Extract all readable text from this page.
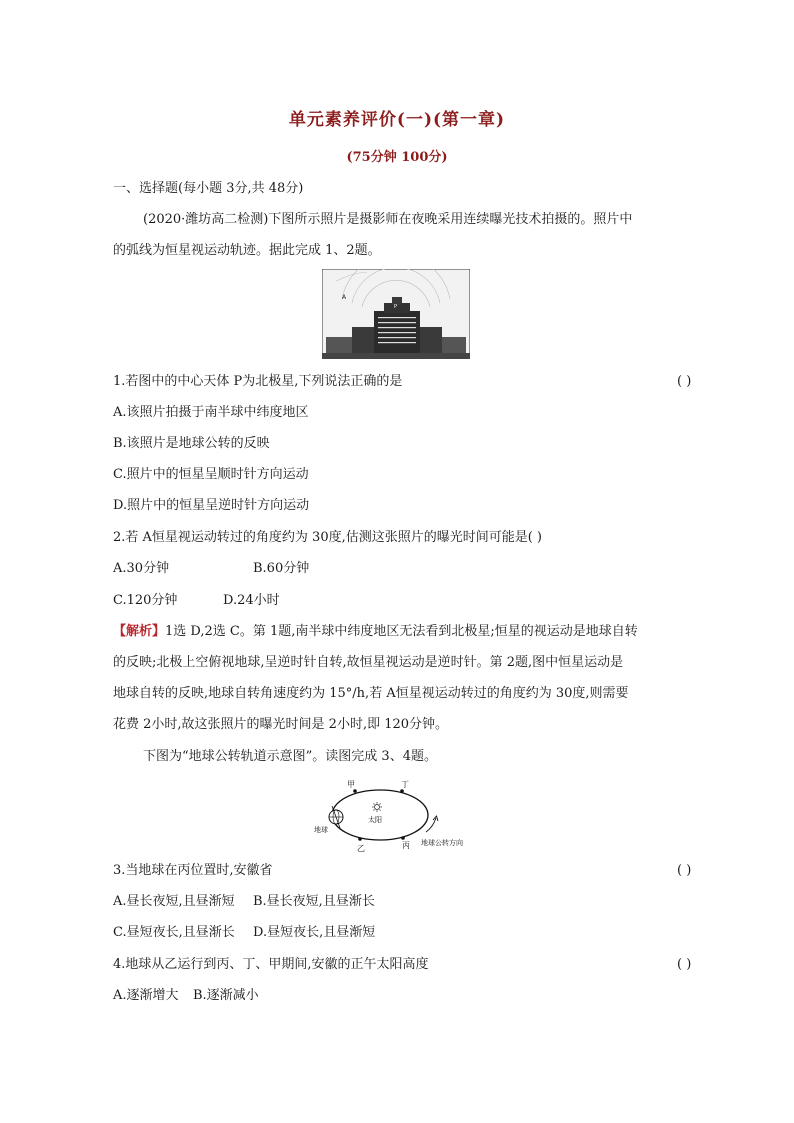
单元素养评价(一)(第一章)
(75分钟 100分)
一、选择题(每小题 3分,共 48分)
(2020·潍坊高二检测)下图所示照片是摄影师在夜晚采用连续曝光技术拍摄的。照片中
的弧线为恒星视运动轨迹。据此完成 1、2题。
A
P
1.若图中的中心天体 P为北极星,下列说法正确的是	( )
A.该照片拍摄于南半球中纬度地区
B.该照片是地球公转的反映
C.照片中的恒星呈顺时针方向运动
D.照片中的恒星呈逆时针方向运动
2.若 A恒星视运动转过的角度约为 30度,估测这张照片的曝光时间可能是( )
A.30分钟	B.60分钟
C.120分钟	D.24小时
【解析】1选 D,2选 C。第 1题,南半球中纬度地区无法看到北极星;恒星的视运动是地球自转
的反映;北极上空俯视地球,呈逆时针自转,故恒星视运动是逆时针。第 2题,图中恒星运动是
地球自转的反映,地球自转角速度约为 15°/h,若 A恒星视运动转过的角度约为 30度,则需要
花费 2小时,故这张照片的曝光时间是 2小时,即 120分钟。
下图为“地球公转轨道示意图”。读图完成 3、4题。
甲	丁
乙	丙
太阳
地球
地球公转方向
3.当地球在丙位置时,安徽省	( )
A.昼长夜短,且昼渐短 B.昼长夜短,且昼渐长
C.昼短夜长,且昼渐长 D.昼短夜长,且昼渐短
4.地球从乙运行到丙、丁、甲期间,安徽的正午太阳高度	( )
A.逐渐增大 B.逐渐减小
